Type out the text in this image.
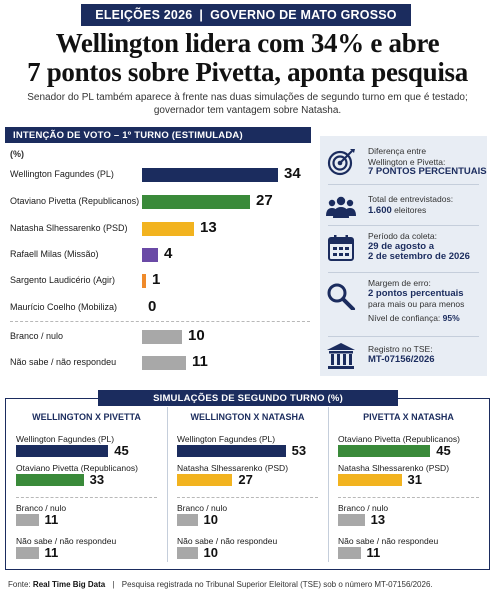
ELEIÇÕES 2026 | GOVERNO DE MATO GROSSO
Wellington lidera com 34% e abre
7 pontos sobre Pivetta, aponta pesquisa
Senador do PL também aparece à frente nas duas simulações de segundo turno em que é testado;
governador tem vantagem sobre Natasha.
INTENÇÃO DE VOTO – 1º TURNO (ESTIMULADA)
(%)
Wellington Fagundes (PL)	34
Otaviano Pivetta (Republicanos)	27
Natasha Slhessarenko (PSD)	13
Rafaell Milas (Missão)	4
Sargento Laudicério (Agir) 1
Maurício Coelho (Mobiliza) 0
Branco / nulo	10
Não sabe / não respondeu	11
Diferença entre
Wellington e Pivetta:
7 PONTOS PERCENTUAIS
Total de entrevistados:
1.600 eleitores
Período da coleta:
29 de agosto a
2 de setembro de 2026
Margem de erro:
2 pontos percentuais
para mais ou para menos
Nível de confiança: 95%
Registro no TSE:
MT-07156/2026
WELLINGTON X PIVETTA
Wellington Fagundes (PL)
45
Otaviano Pivetta (Republicanos)
33
Branco / nulo
11
Não sabe / não respondeu
11
WELLINGTON X NATASHA
Wellington Fagundes (PL)
53
Natasha Slhessarenko (PSD)
27
Branco / nulo
10
Não sabe / não respondeu
10
PIVETTA X NATASHA
Otaviano Pivetta (Republicanos)
45
Natasha Slhessarenko (PSD)
31
Branco / nulo
13
Não sabe / não respondeu
11
SIMULAÇÕES DE SEGUNDO TURNO (%)
Fonte: Real Time Big Data | Pesquisa registrada no Tribunal Superior Eleitoral (TSE) sob o número MT-07156/2026.
